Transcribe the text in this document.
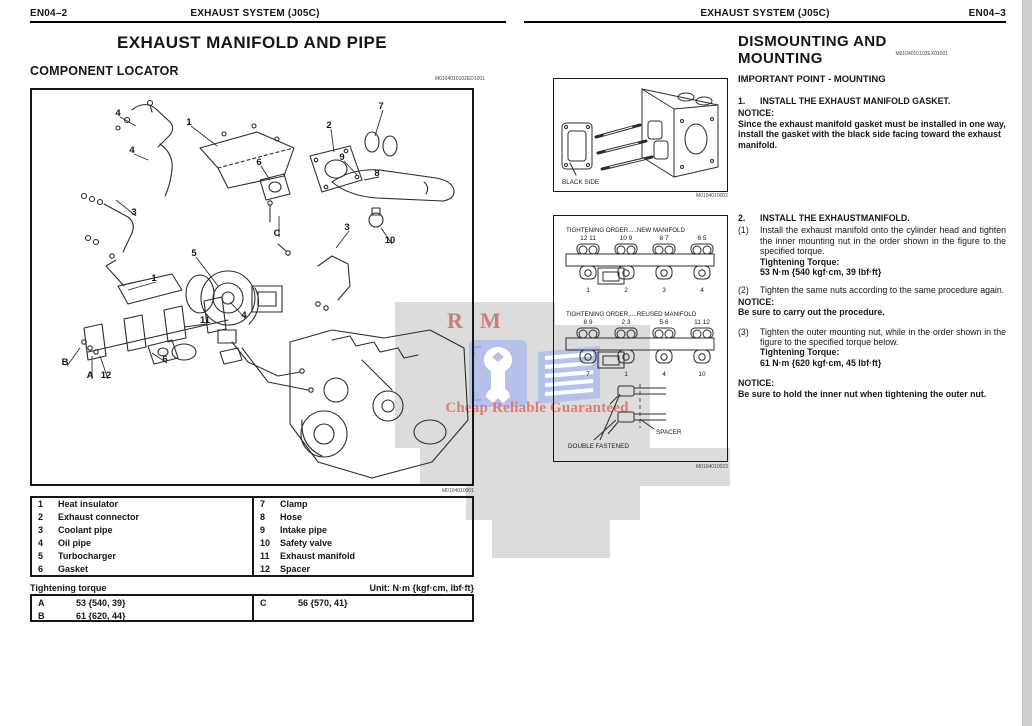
R M
Cheap Reliable Guaranteed
EN04–2	EXHAUST SYSTEM (J05C)
EXHAUST MANIFOLD AND PIPE
COMPONENT LOCATOR
M0104010102ED1001
4
1	2
7
4
9
8
3
6
5
C
3
10
1
11	4
6
B
A 12
M0104010001
1	Heat insulator
2	Exhaust connector
3	Coolant pipe
4	Oil pipe
5	Turbocharger
6	Gasket
7	Clamp
8	Hose
9	Intake pipe
10	Safety valve
11	Exhaust manifold
12	Spacer
Tightening torque	Unit: N·m {kgf·cm, lbf·ft}
A	53 {540, 39}
B	61 {620, 44}
C	56 {570, 41}
EXHAUST SYSTEM (J05C)	EN04–3
DISMOUNTING AND MOUNTING	M0104010102EX01001
IMPORTANT POINT - MOUNTING
BLACK SIDE
M0104010002
TIGHTENING ORDER.....NEW MANIFOLD
TIGHTENING ORDER.....REUSED MANIFOLD
SPACER
DOUBLE FASTENED
12 11	10 9	8 7	6 5
1	2	3	4
8 9	2 3	5 6	11 12
7	1	4	10
M0104010023
1.	INSTALL THE EXHAUST MANIFOLD GASKET.
NOTICE:
Since the exhaust manifold gasket must be installed in one way, install the gasket with the black side facing toward the exhaust manifold.
2.	INSTALL THE EXHAUSTMANIFOLD.
(1)	Install the exhaust manifold onto the cylinder head and tighten the inner mounting nut in the order shown in the figure to the specified torque.
Tightening Torque:
53 N·m {540 kgf·cm, 39 lbf·ft}
(2)	Tighten the same nuts according to the same procedure again.
NOTICE:
Be sure to carry out the procedure.
(3)	Tighten the outer mounting nut, while in the order shown in the figure to the specified torque below.
Tightening Torque:
61 N·m {620 kgf·cm, 45 lbf·ft}
NOTICE:
Be sure to hold the inner nut when tightening the outer nut.
